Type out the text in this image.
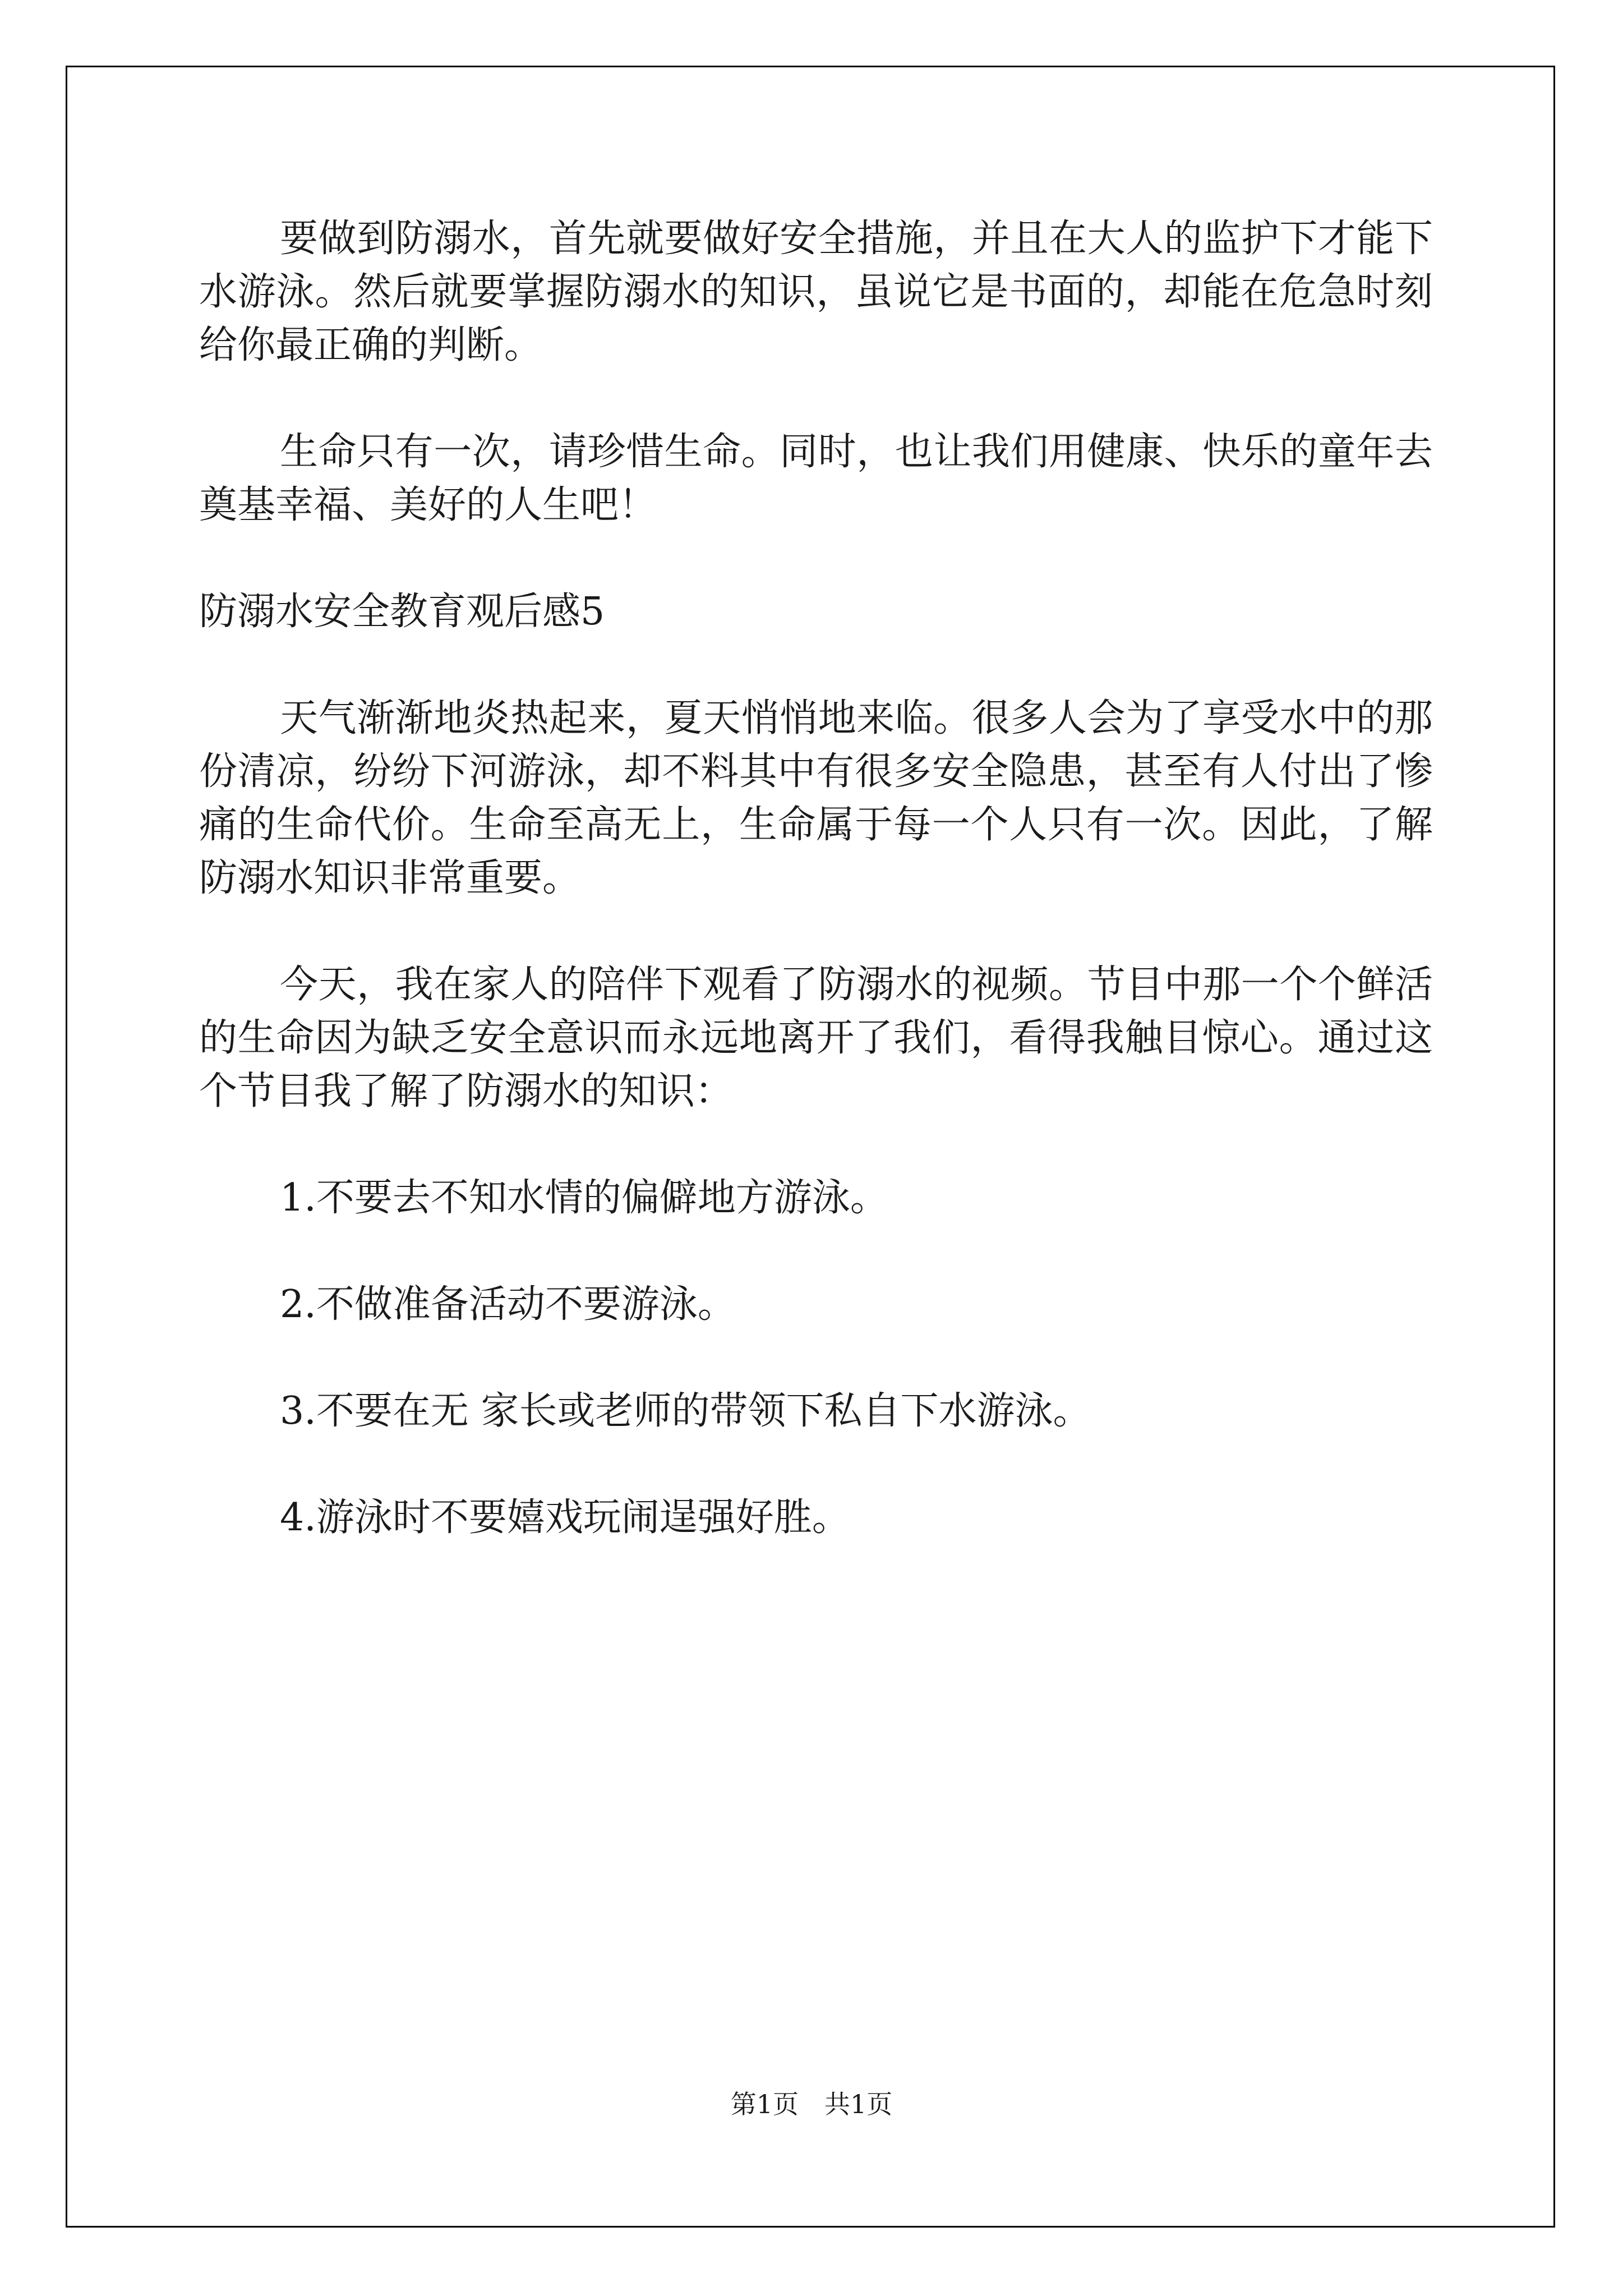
要做到防溺水，首先就要做好安全措施，并且在大人的监护下才能下水游泳。然后就要掌握防溺水的知识，虽说它是书面的，却能在危急时刻给你最正确的判断。

生命只有一次，请珍惜生命。同时，也让我们用健康、快乐的童年去奠基幸福、美好的人生吧！

防溺水安全教育观后感5

天气渐渐地炎热起来，夏天悄悄地来临。很多人会为了享受水中的那份清凉，纷纷下河游泳，却不料其中有很多安全隐患，甚至有人付出了惨痛的生命代价。生命至高无上，生命属于每一个人只有一次。因此，了解防溺水知识非常重要。

今天，我在家人的陪伴下观看了防溺水的视频。节目中那一个个鲜活的生命因为缺乏安全意识而永远地离开了我们，看得我触目惊心。通过这个节目我了解了防溺水的知识：

1.不要去不知水情的偏僻地方游泳。

2.不做准备活动不要游泳。

3.不要在无 家长或老师的带领下私自下水游泳。

4.游泳时不要嬉戏玩闹逞强好胜。

第1页　共1页
